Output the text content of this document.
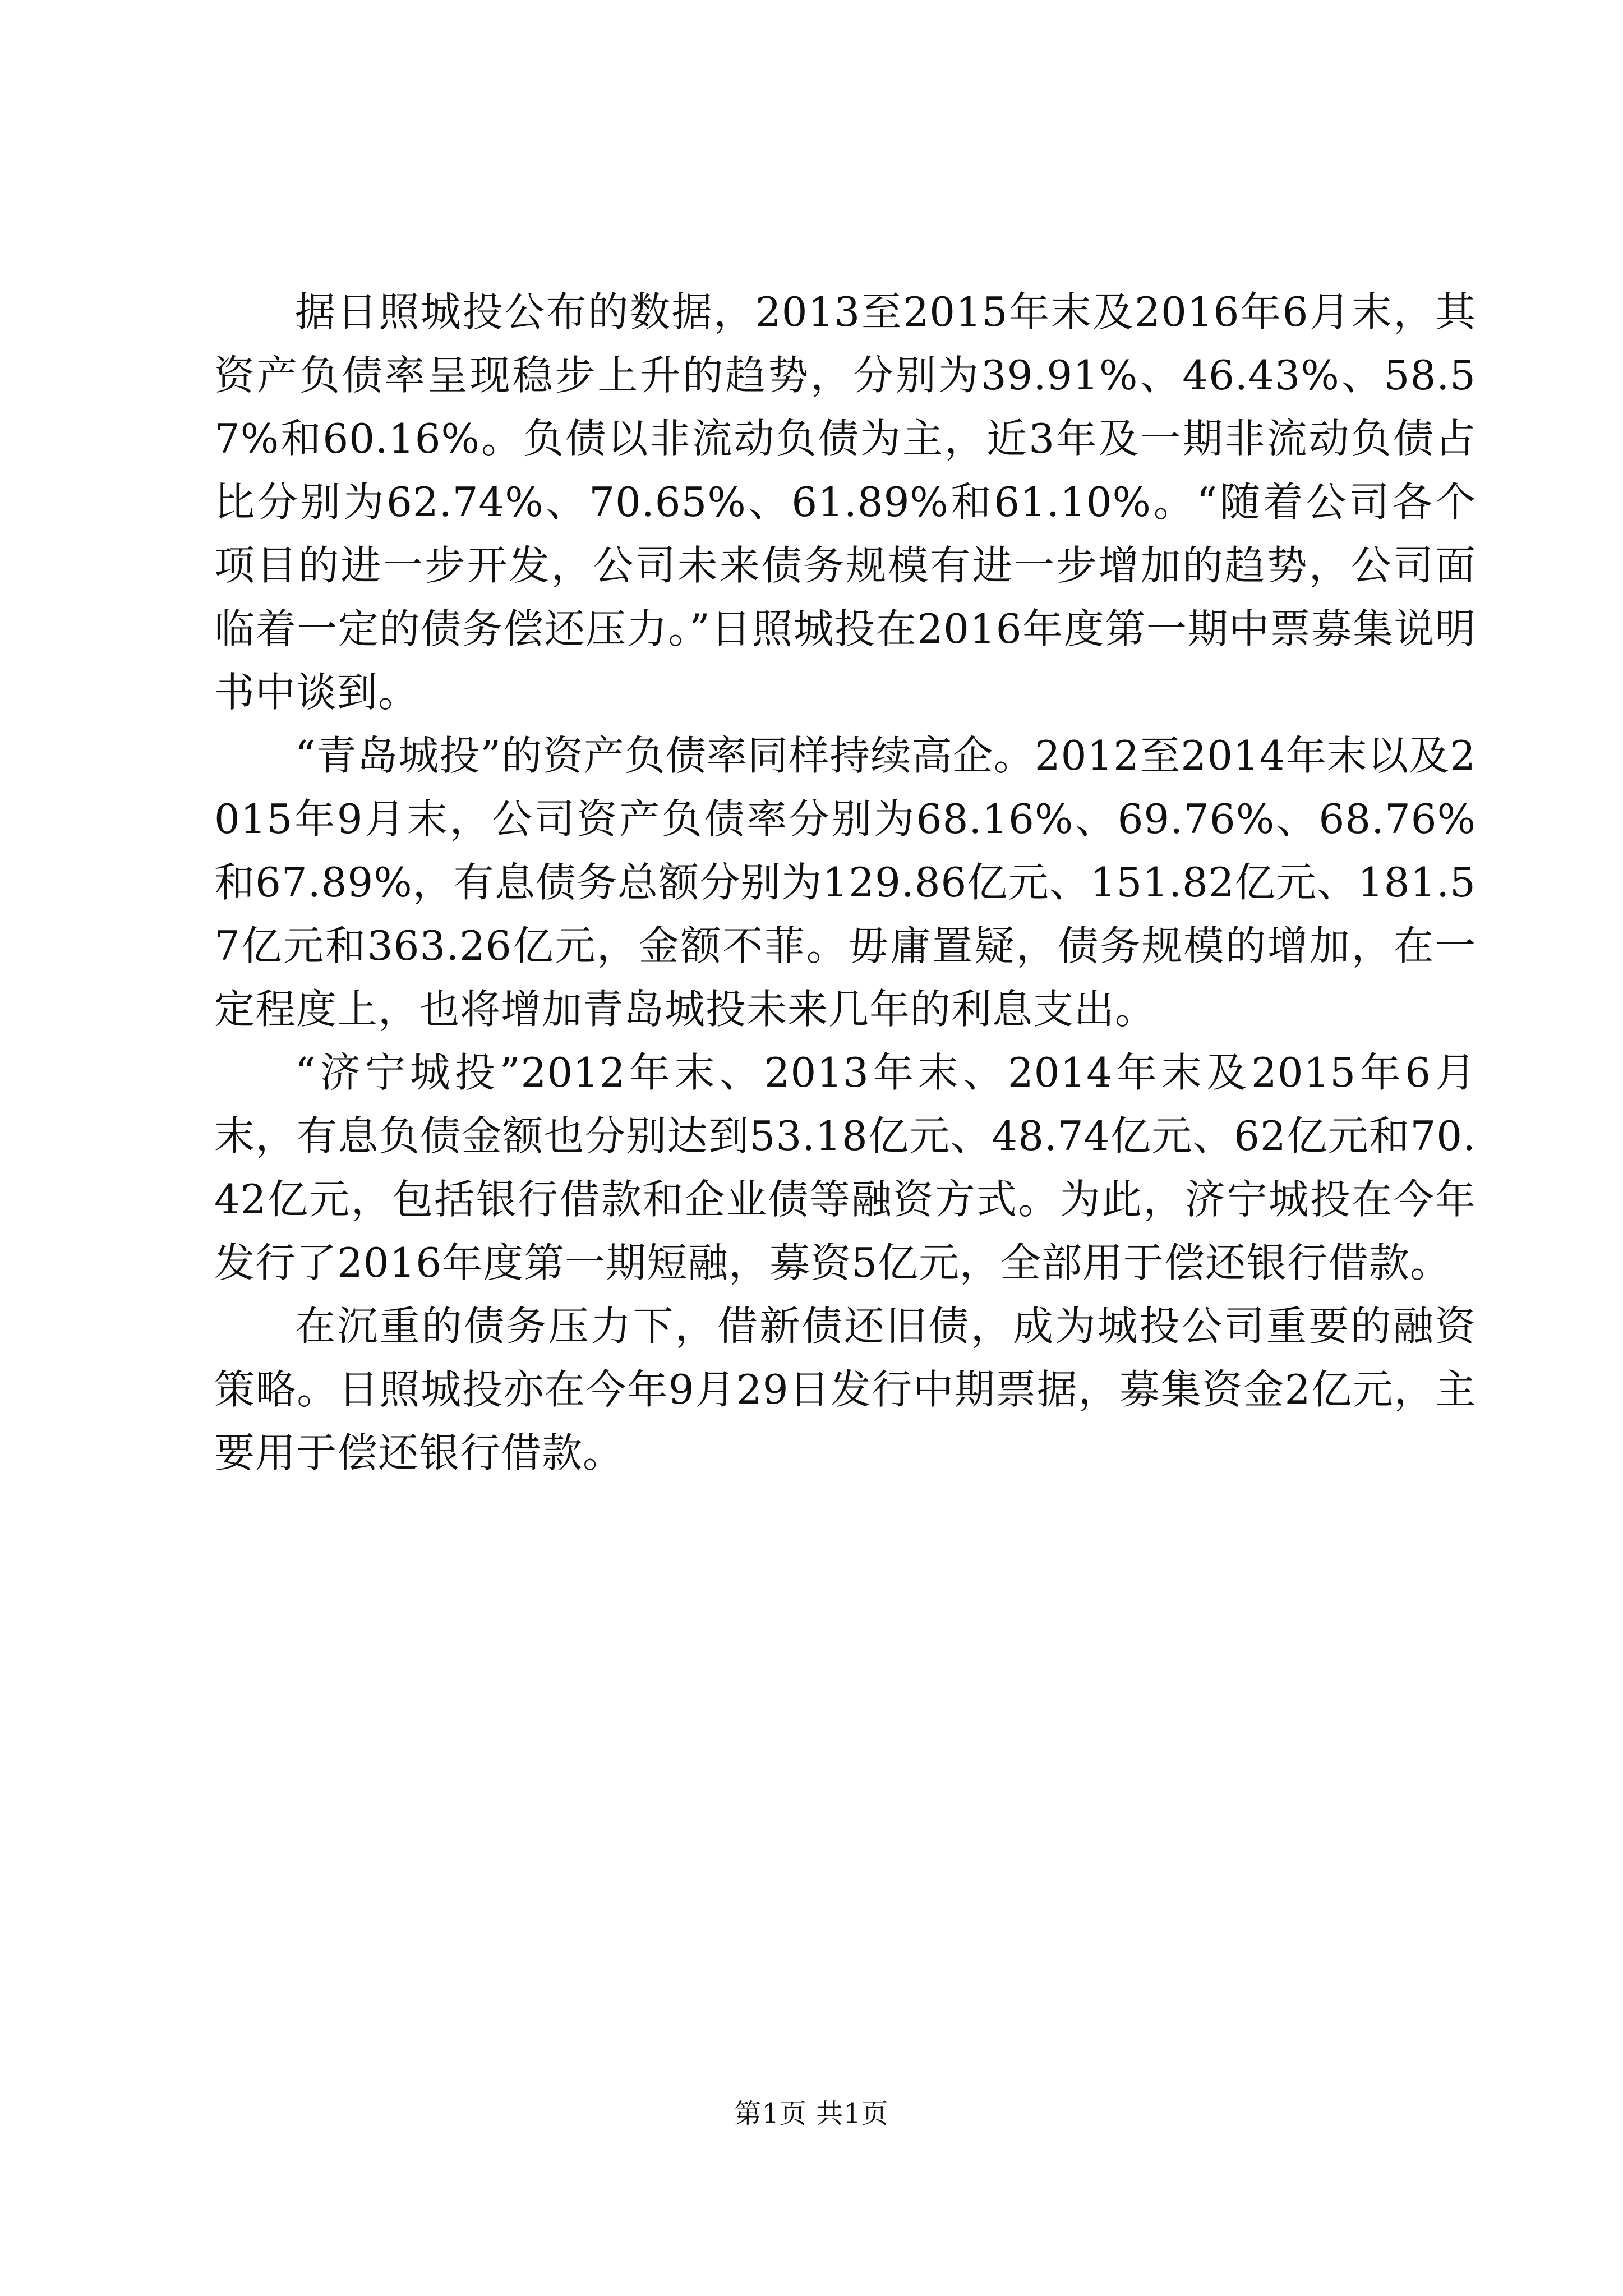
据日照城投公布的数据，2013至2015年末及2016年6月末，其资产负债率呈现稳步上升的趋势，分别为39.91%、46.43%、58.57%和60.16%。负债以非流动负债为主，近3年及一期非流动负债占比分别为62.74%、70.65%、61.89%和61.10%。“随着公司各个项目的进一步开发，公司未来债务规模有进一步增加的趋势，公司面临着一定的债务偿还压力。”日照城投在2016年度第一期中票募集说明书中谈到。

“青岛城投”的资产负债率同样持续高企。2012至2014年末以及2015年9月末，公司资产负债率分别为68.16%、69.76%、68.76%和67.89%，有息债务总额分别为129.86亿元、151.82亿元、181.57亿元和363.26亿元，金额不菲。毋庸置疑，债务规模的增加，在一定程度上，也将增加青岛城投未来几年的利息支出。

“济宁城投”2012年末、2013年末、2014年末及2015年6月末，有息负债金额也分别达到53.18亿元、48.74亿元、62亿元和70.42亿元，包括银行借款和企业债等融资方式。为此，济宁城投在今年发行了2016年度第一期短融，募资5亿元，全部用于偿还银行借款。

在沉重的债务压力下，借新债还旧债，成为城投公司重要的融资策略。日照城投亦在今年9月29日发行中期票据，募集资金2亿元，主要用于偿还银行借款。

第1页 共1页
